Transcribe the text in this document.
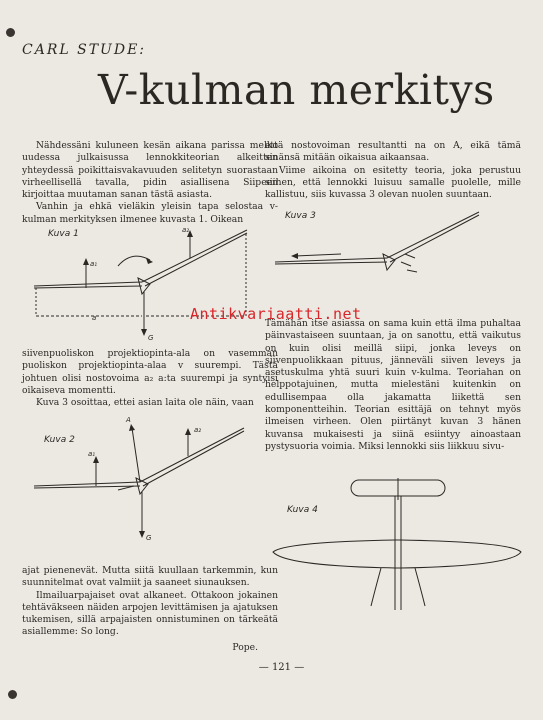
CARL STUDE:
V-kulman merkitys

Nähdessäni kuluneen kesän aikana parissa melko uudessa julkaisussa lennokkiteorian alkeitten yhteydessä poikittaisvakavuuden selitetyn suorastaan virheellisellä tavalla, pidin asiallisena Siipeen kirjoittaa muutaman sanan tästä asiasta.

Vanhin ja ehkä vieläkin yleisin tapa selostaa v-kulman merkityksen ilmenee kuvasta 1. Oikean

Kuva 1
a₁
a₂
a
G

siivenpuoliskon projektiopinta-ala on vasemman puoliskon projektiopinta-alaa v suurempi. Tästä johtuen olisi nostovoima a₂ a:ta suurempi ja syntyisi oikaiseva momentti.

Kuva 3 osoittaa, ettei asian laita ole näin, vaan

Kuva 2
a₁
a₂
A
G

ajat pienenevät. Mutta siitä kuullaan tarkemmin, kun suunnitelmat ovat valmiit ja saaneet siunauksen.

Ilmailuarpajaiset ovat alkaneet. Ottakoon jokainen tehtäväkseen näiden arpojen levittämisen ja ajatuksen tukemisen, sillä arpajaisten onnistuminen on tärkeätä asiallemme: So long.

Pope.

että nostovoiman resultantti na on A, eikä tämä sinänsä mitään oikaisua aikaansaa.

Viime aikoina on esitetty teoria, joka perustuu siihen, että lennokki luisuu samalle puolelle, mille kallistuu, siis kuvassa 3 olevan nuolen suuntaan.

Kuva 3
Antikvariaatti.net

Tämähän itse asiassa on sama kuin että ilma puhaltaa päinvastaiseen suuntaan, ja on sanottu, että vaikutus on kuin olisi meillä siipi, jonka leveys on siivenpuolikkaan pituus, jänneväli siiven leveys ja asetuskulma yhtä suuri kuin v-kulma. Teoriahan on helppotajuinen, mutta mielestäni kuitenkin on edullisempaa olla jakamatta liikettä sen komponentteihin. Teorian esittäjä on tehnyt myös ilmeisen virheen. Olen piirtänyt kuvan 3 hänen kuvansa mukaisesti ja siinä esiintyy ainoastaan pystysuoria voimia. Miksi lennokki siis liikkuu sivu-

Kuva 4
— 121 —
